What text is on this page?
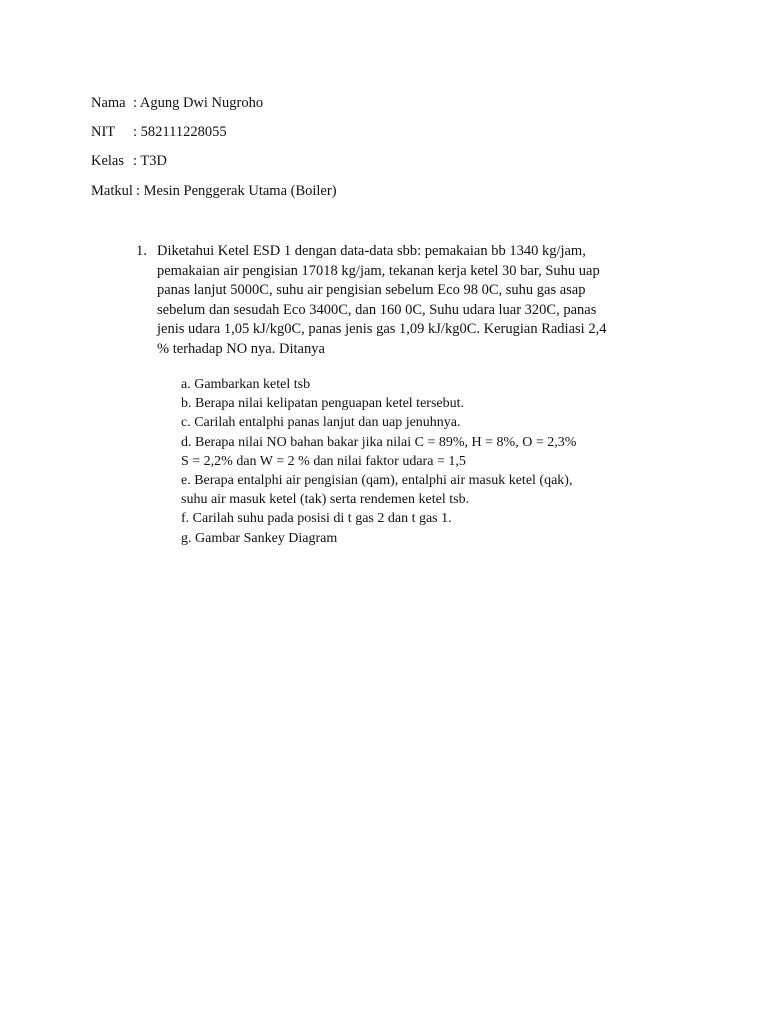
Nama : Agung Dwi Nugroho
NIT : 582111228055
Kelas : T3D
Matkul : Mesin Penggerak Utama (Boiler)
1. Diketahui Ketel ESD 1 dengan data-data sbb: pemakaian bb 1340 kg/jam,
pemakaian air pengisian 17018 kg/jam, tekanan kerja ketel 30 bar, Suhu uap
panas lanjut 5000C, suhu air pengisian sebelum Eco 98 0C, suhu gas asap
sebelum dan sesudah Eco 3400C, dan 160 0C, Suhu udara luar 320C, panas
jenis udara 1,05 kJ/kg0C, panas jenis gas 1,09 kJ/kg0C. Kerugian Radiasi 2,4
% terhadap NO nya. Ditanya
a. Gambarkan ketel tsb
b. Berapa nilai kelipatan penguapan ketel tersebut.
c. Carilah entalphi panas lanjut dan uap jenuhnya.
d. Berapa nilai NO bahan bakar jika nilai C = 89%, H = 8%, O = 2,3%
S = 2,2% dan W = 2 % dan nilai faktor udara = 1,5
e. Berapa entalphi air pengisian (qam), entalphi air masuk ketel (qak),
suhu air masuk ketel (tak) serta rendemen ketel tsb.
f. Carilah suhu pada posisi di t gas 2 dan t gas 1.
g. Gambar Sankey Diagram
